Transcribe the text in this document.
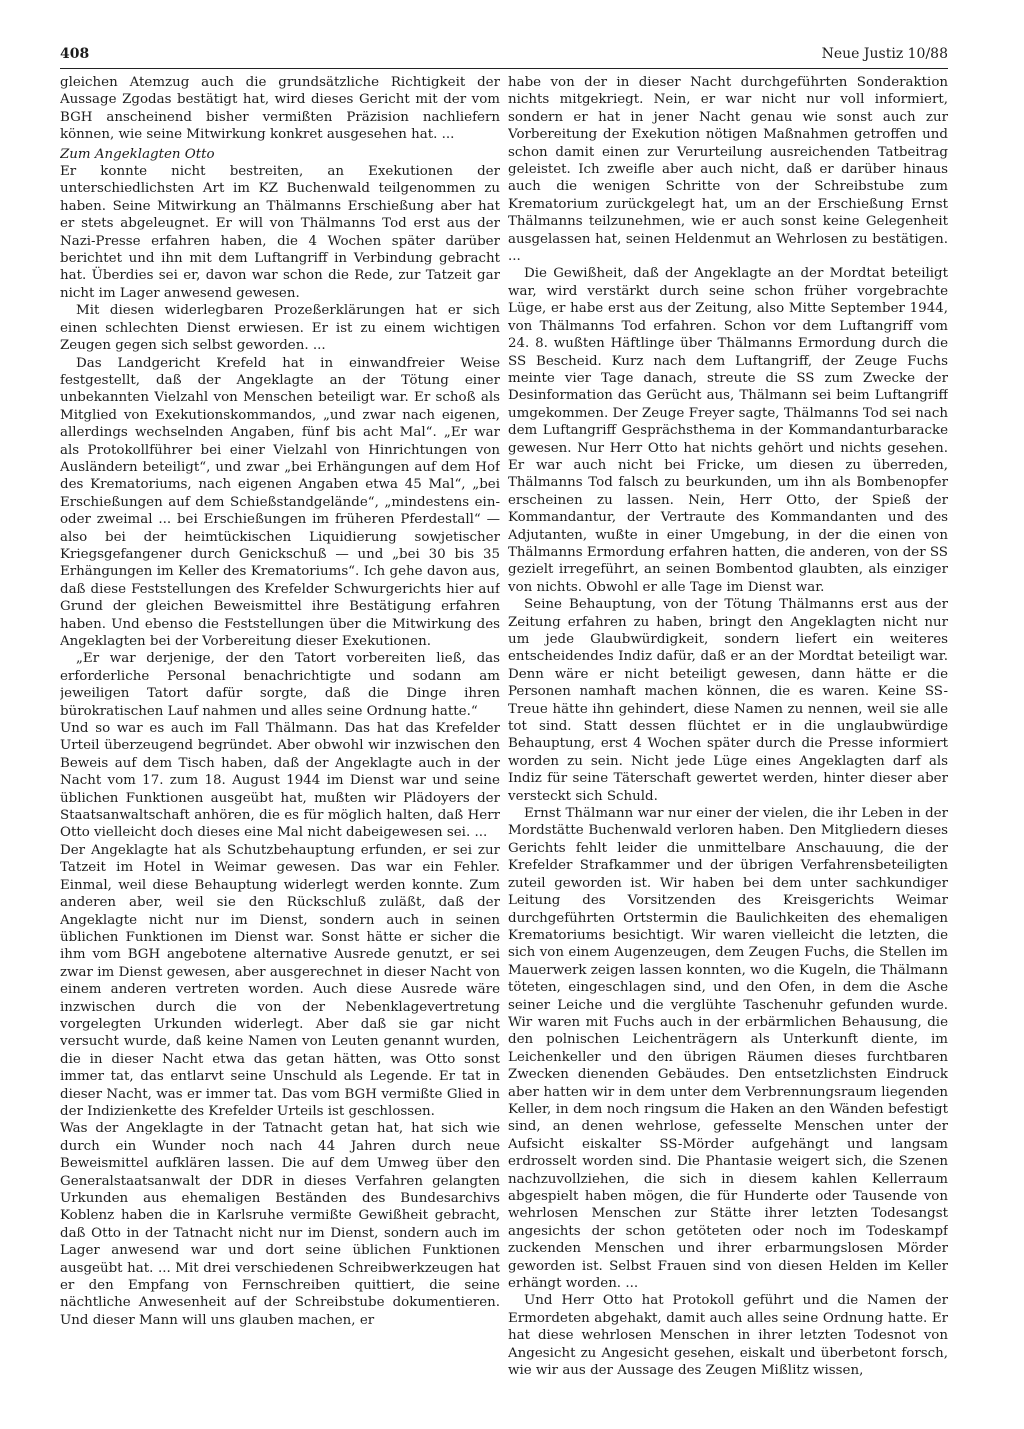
408	Neue Justiz 10/88

gleichen Atemzug auch die grundsätzliche Richtigkeit der Aussage Zgodas bestätigt hat, wird dieses Gericht mit der vom BGH anscheinend bisher vermißten Präzision nachliefern können, wie seine Mitwirkung konkret ausgesehen hat. ...

Zum Angeklagten Otto

Er konnte nicht bestreiten, an Exekutionen der unterschiedlichsten Art im KZ Buchenwald teilgenommen zu haben. Seine Mitwirkung an Thälmanns Erschießung aber hat er stets abgeleugnet. Er will von Thälmanns Tod erst aus der Nazi-Presse erfahren haben, die 4 Wochen später darüber berichtet und ihn mit dem Luftangriff in Verbindung gebracht hat. Überdies sei er, davon war schon die Rede, zur Tatzeit gar nicht im Lager anwesend gewesen.

Mit diesen widerlegbaren Prozeßerklärungen hat er sich einen schlechten Dienst erwiesen. Er ist zu einem wichtigen Zeugen gegen sich selbst geworden. ...

Das Landgericht Krefeld hat in einwandfreier Weise festgestellt, daß der Angeklagte an der Tötung einer unbekannten Vielzahl von Menschen beteiligt war. Er schoß als Mitglied von Exekutionskommandos, „und zwar nach eigenen, allerdings wechselnden Angaben, fünf bis acht Mal“. „Er war als Protokollführer bei einer Vielzahl von Hinrichtungen von Ausländern beteiligt“, und zwar „bei Erhängungen auf dem Hof des Krematoriums, nach eigenen Angaben etwa 45 Mal“, „bei Erschießungen auf dem Schießstandgelände“, „mindestens ein- oder zweimal ... bei Erschießungen im früheren Pferdestall“ — also bei der heimtückischen Liquidierung sowjetischer Kriegsgefangener durch Genickschuß — und „bei 30 bis 35 Erhängungen im Keller des Krematoriums“. Ich gehe davon aus, daß diese Feststellungen des Krefelder Schwurgerichts hier auf Grund der gleichen Beweismittel ihre Bestätigung erfahren haben. Und ebenso die Feststellungen über die Mitwirkung des Angeklagten bei der Vorbereitung dieser Exekutionen.

„Er war derjenige, der den Tatort vorbereiten ließ, das erforderliche Personal benachrichtigte und sodann am jeweiligen Tatort dafür sorgte, daß die Dinge ihren bürokratischen Lauf nahmen und alles seine Ordnung hatte.“

Und so war es auch im Fall Thälmann. Das hat das Krefelder Urteil überzeugend begründet. Aber obwohl wir inzwischen den Beweis auf dem Tisch haben, daß der Angeklagte auch in der Nacht vom 17. zum 18. August 1944 im Dienst war und seine üblichen Funktionen ausgeübt hat, mußten wir Plädoyers der Staatsanwaltschaft anhören, die es für möglich halten, daß Herr Otto vielleicht doch dieses eine Mal nicht dabeigewesen sei. ...

Der Angeklagte hat als Schutzbehauptung erfunden, er sei zur Tatzeit im Hotel in Weimar gewesen. Das war ein Fehler. Einmal, weil diese Behauptung widerlegt werden konnte. Zum anderen aber, weil sie den Rückschluß zuläßt, daß der Angeklagte nicht nur im Dienst, sondern auch in seinen üblichen Funktionen im Dienst war. Sonst hätte er sicher die ihm vom BGH angebotene alternative Ausrede genutzt, er sei zwar im Dienst gewesen, aber ausgerechnet in dieser Nacht von einem anderen vertreten worden. Auch diese Ausrede wäre inzwischen durch die von der Nebenklagevertretung vorgelegten Urkunden widerlegt. Aber daß sie gar nicht versucht wurde, daß keine Namen von Leuten genannt wurden, die in dieser Nacht etwa das getan hätten, was Otto sonst immer tat, das entlarvt seine Unschuld als Legende. Er tat in dieser Nacht, was er immer tat. Das vom BGH vermißte Glied in der Indizienkette des Krefelder Urteils ist geschlossen.

Was der Angeklagte in der Tatnacht getan hat, hat sich wie durch ein Wunder noch nach 44 Jahren durch neue Beweismittel aufklären lassen. Die auf dem Umweg über den Generalstaatsanwalt der DDR in dieses Verfahren gelangten Urkunden aus ehemaligen Beständen des Bundesarchivs Koblenz haben die in Karlsruhe vermißte Gewißheit gebracht, daß Otto in der Tatnacht nicht nur im Dienst, sondern auch im Lager anwesend war und dort seine üblichen Funktionen ausgeübt hat. ... Mit drei verschiedenen Schreibwerkzeugen hat er den Empfang von Fernschreiben quittiert, die seine nächtliche Anwesenheit auf der Schreibstube dokumentieren. Und dieser Mann will uns glauben machen, er

habe von der in dieser Nacht durchgeführten Sonderaktion nichts mitgekriegt. Nein, er war nicht nur voll informiert, sondern er hat in jener Nacht genau wie sonst auch zur Vorbereitung der Exekution nötigen Maßnahmen getroffen und schon damit einen zur Verurteilung ausreichenden Tatbeitrag geleistet. Ich zweifle aber auch nicht, daß er darüber hinaus auch die wenigen Schritte von der Schreibstube zum Krematorium zurückgelegt hat, um an der Erschießung Ernst Thälmanns teilzunehmen, wie er auch sonst keine Gelegenheit ausgelassen hat, seinen Heldenmut an Wehrlosen zu bestätigen. ...

Die Gewißheit, daß der Angeklagte an der Mordtat beteiligt war, wird verstärkt durch seine schon früher vorgebrachte Lüge, er habe erst aus der Zeitung, also Mitte September 1944, von Thälmanns Tod erfahren. Schon vor dem Luftangriff vom 24. 8. wußten Häftlinge über Thälmanns Ermordung durch die SS Bescheid. Kurz nach dem Luftangriff, der Zeuge Fuchs meinte vier Tage danach, streute die SS zum Zwecke der Desinformation das Gerücht aus, Thälmann sei beim Luftangriff umgekommen. Der Zeuge Freyer sagte, Thälmanns Tod sei nach dem Luftangriff Gesprächsthema in der Kommandanturbaracke gewesen. Nur Herr Otto hat nichts gehört und nichts gesehen. Er war auch nicht bei Fricke, um diesen zu überreden, Thälmanns Tod falsch zu beurkunden, um ihn als Bombenopfer erscheinen zu lassen. Nein, Herr Otto, der Spieß der Kommandantur, der Vertraute des Kommandanten und des Adjutanten, wußte in einer Umgebung, in der die einen von Thälmanns Ermordung erfahren hatten, die anderen, von der SS gezielt irregeführt, an seinen Bombentod glaubten, als einziger von nichts. Obwohl er alle Tage im Dienst war.

Seine Behauptung, von der Tötung Thälmanns erst aus der Zeitung erfahren zu haben, bringt den Angeklagten nicht nur um jede Glaubwürdigkeit, sondern liefert ein weiteres entscheidendes Indiz dafür, daß er an der Mordtat beteiligt war. Denn wäre er nicht beteiligt gewesen, dann hätte er die Personen namhaft machen können, die es waren. Keine SS-Treue hätte ihn gehindert, diese Namen zu nennen, weil sie alle tot sind. Statt dessen flüchtet er in die unglaubwürdige Behauptung, erst 4 Wochen später durch die Presse informiert worden zu sein. Nicht jede Lüge eines Angeklagten darf als Indiz für seine Täterschaft gewertet werden, hinter dieser aber versteckt sich Schuld.

Ernst Thälmann war nur einer der vielen, die ihr Leben in der Mordstätte Buchenwald verloren haben. Den Mitgliedern dieses Gerichts fehlt leider die unmittelbare Anschauung, die der Krefelder Strafkammer und der übrigen Verfahrensbeteiligten zuteil geworden ist. Wir haben bei dem unter sachkundiger Leitung des Vorsitzenden des Kreisgerichts Weimar durchgeführten Ortstermin die Baulichkeiten des ehemaligen Krematoriums besichtigt. Wir waren vielleicht die letzten, die sich von einem Augenzeugen, dem Zeugen Fuchs, die Stellen im Mauerwerk zeigen lassen konnten, wo die Kugeln, die Thälmann töteten, eingeschlagen sind, und den Ofen, in dem die Asche seiner Leiche und die verglühte Taschenuhr gefunden wurde. Wir waren mit Fuchs auch in der erbärmlichen Behausung, die den polnischen Leichenträgern als Unterkunft diente, im Leichenkeller und den übrigen Räumen dieses furchtbaren Zwecken dienenden Gebäudes. Den entsetzlichsten Eindruck aber hatten wir in dem unter dem Verbrennungsraum liegenden Keller, in dem noch ringsum die Haken an den Wänden befestigt sind, an denen wehrlose, gefesselte Menschen unter der Aufsicht eiskalter SS-Mörder aufgehängt und langsam erdrosselt worden sind. Die Phantasie weigert sich, die Szenen nachzuvollziehen, die sich in diesem kahlen Kellerraum abgespielt haben mögen, die für Hunderte oder Tausende von wehrlosen Menschen zur Stätte ihrer letzten Todesangst angesichts der schon getöteten oder noch im Todeskampf zuckenden Menschen und ihrer erbarmungslosen Mörder geworden ist. Selbst Frauen sind von diesen Helden im Keller erhängt worden. ...

Und Herr Otto hat Protokoll geführt und die Namen der Ermordeten abgehakt, damit auch alles seine Ordnung hatte. Er hat diese wehrlosen Menschen in ihrer letzten Todesnot von Angesicht zu Angesicht gesehen, eiskalt und überbetont forsch, wie wir aus der Aussage des Zeugen Mißlitz wissen,
